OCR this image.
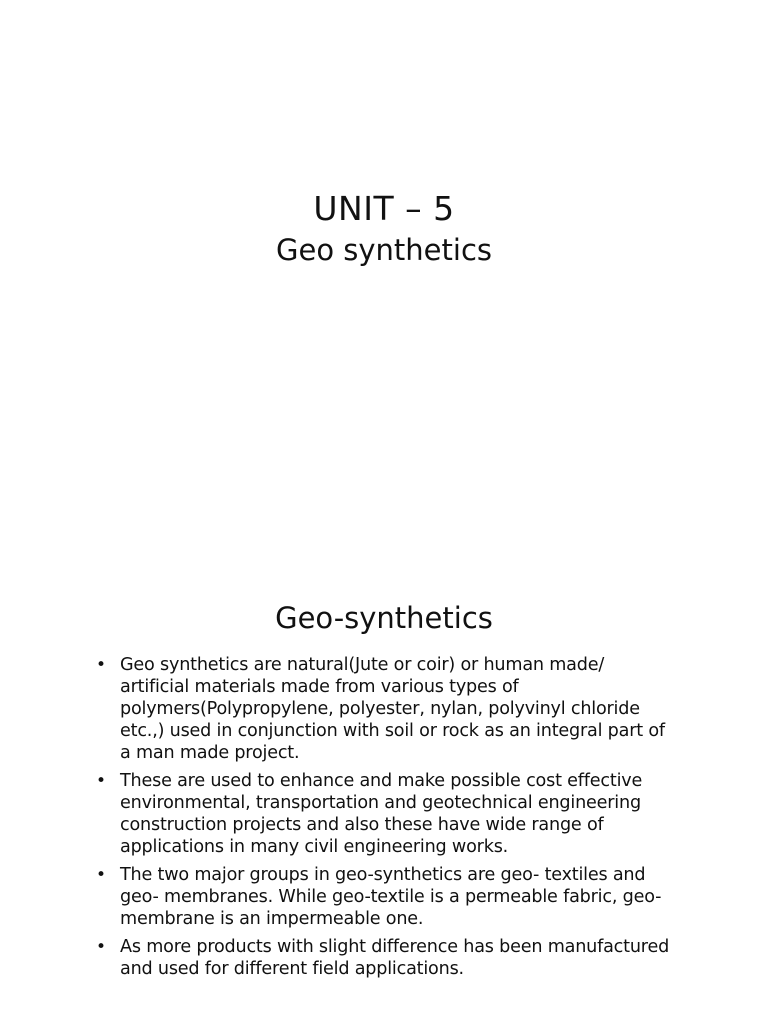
UNIT – 5
Geo synthetics
Geo-synthetics
• Geo synthetics are natural(Jute or coir) or human made/ artificial materials made from various types of polymers(Polypropylene, polyester, nylan, polyvinyl chloride etc.,) used in conjunction with soil or rock as an integral part of a man made project.
• These are used to enhance and make possible cost effective environmental, transportation and geotechnical engineering construction projects and also these have wide range of applications in many civil engineering works.
• The two major groups in geo-synthetics are geo- textiles and geo- membranes. While geo-textile is a permeable fabric, geo-membrane is an impermeable one.
• As more products with slight difference has been manufactured and used for different field applications.
